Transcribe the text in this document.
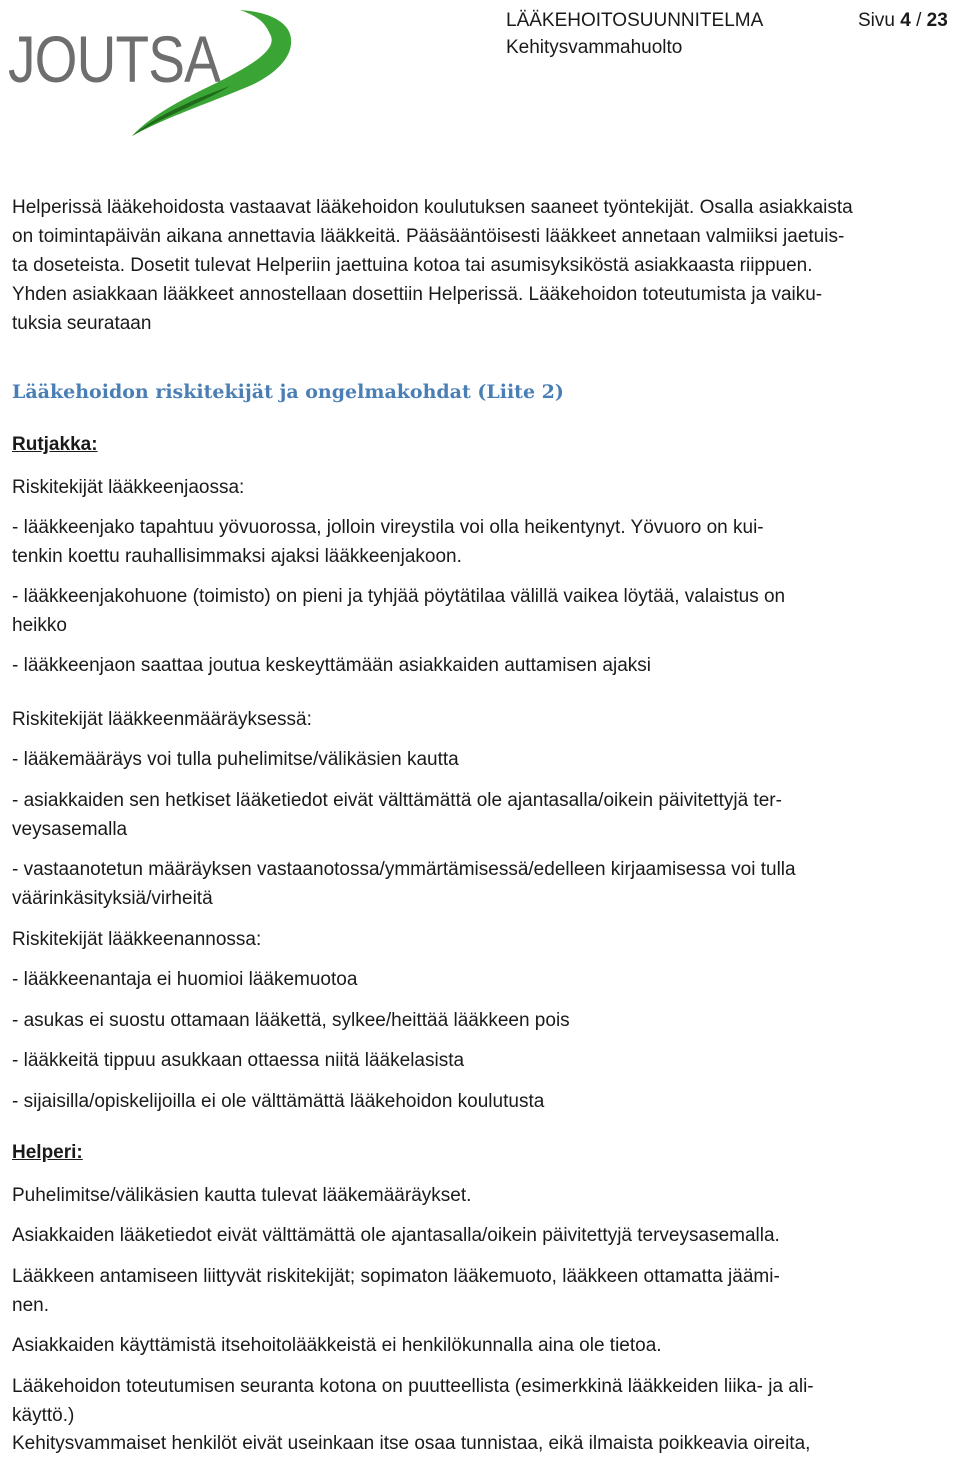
JOUTSA
LÄÄKEHOITOSUUNNITELMA
Kehitysvammahuolto
Sivu 4 / 23
Helperissä lääkehoidosta vastaavat lääkehoidon koulutuksen saaneet työntekijät. Osalla asiakkaista
on toimintapäivän aikana annettavia lääkkeitä. Pääsääntöisesti lääkkeet annetaan valmiiksi jaetuis-
ta doseteista. Dosetit tulevat Helperiin jaettuina kotoa tai asumisyksiköstä asiakkaasta riippuen.
Yhden asiakkaan lääkkeet annostellaan dosettiin Helperissä. Lääkehoidon toteutumista ja vaiku-
tuksia seurataan
Lääkehoidon riskitekijät ja ongelmakohdat (Liite 2)
Rutjakka:
Riskitekijät lääkkeenjaossa:
- lääkkeenjako tapahtuu yövuorossa, jolloin vireystila voi olla heikentynyt. Yövuoro on kui-
tenkin koettu rauhallisimmaksi ajaksi lääkkeenjakoon.
- lääkkeenjakohuone (toimisto) on pieni ja tyhjää pöytätilaa välillä vaikea löytää, valaistus on
heikko
- lääkkeenjaon saattaa joutua keskeyttämään asiakkaiden auttamisen ajaksi
Riskitekijät lääkkeenmääräyksessä:
- lääkemääräys voi tulla puhelimitse/välikäsien kautta
- asiakkaiden sen hetkiset lääketiedot eivät välttämättä ole ajantasalla/oikein päivitettyjä ter-
veysasemalla
- vastaanotetun määräyksen vastaanotossa/ymmärtämisessä/edelleen kirjaamisessa voi tulla
väärinkäsityksiä/virheitä
Riskitekijät lääkkeenannossa:
- lääkkeenantaja ei huomioi lääkemuotoa
- asukas ei suostu ottamaan lääkettä, sylkee/heittää lääkkeen pois
- lääkkeitä tippuu asukkaan ottaessa niitä lääkelasista
- sijaisilla/opiskelijoilla ei ole välttämättä lääkehoidon koulutusta
Helperi:
Puhelimitse/välikäsien kautta tulevat lääkemääräykset.
Asiakkaiden lääketiedot eivät välttämättä ole ajantasalla/oikein päivitettyjä terveysasemalla.
Lääkkeen antamiseen liittyvät riskitekijät; sopimaton lääkemuoto, lääkkeen ottamatta jäämi-
nen.
Asiakkaiden käyttämistä itsehoitolääkkeistä ei henkilökunnalla aina ole tietoa.
Lääkehoidon toteutumisen seuranta kotona on puutteellista (esimerkkinä lääkkeiden liika- ja ali-
käyttö.)
Kehitysvammaiset henkilöt eivät useinkaan itse osaa tunnistaa, eikä ilmaista poikkeavia oireita,
